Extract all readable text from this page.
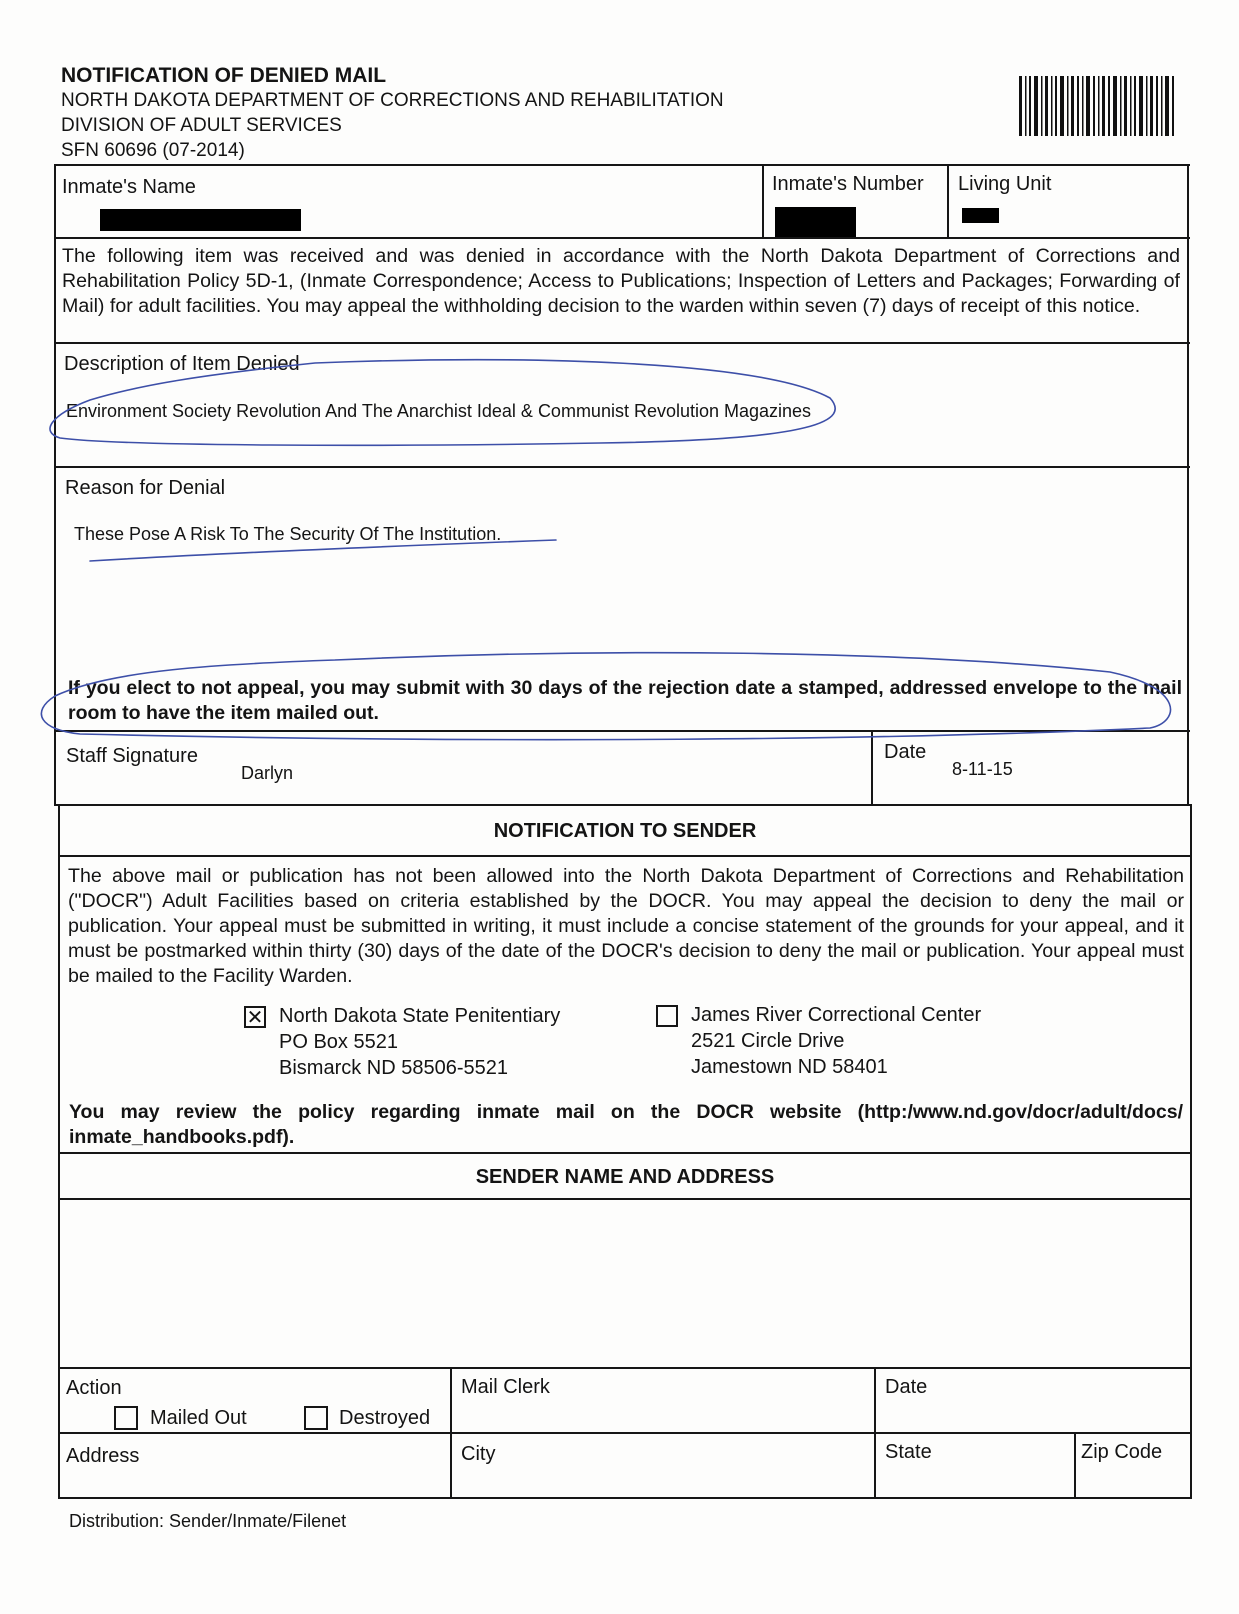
NOTIFICATION OF DENIED MAIL
NORTH DAKOTA DEPARTMENT OF CORRECTIONS AND REHABILITATION
DIVISION OF ADULT SERVICES
SFN 60696 (07-2014)
Inmate's Name	Inmate's Number Living Unit
The following item was received and was denied in accordance with the North Dakota Department of Corrections and Rehabilitation Policy 5D-1, (Inmate Correspondence; Access to Publications; Inspection of Letters and Packages; Forwarding of Mail) for adult facilities. You may appeal the withholding decision to the warden within seven (7) days of receipt of this notice.
Description of Item Denied
Environment Society Revolution And The Anarchist Ideal & Communist Revolution Magazines
Reason for Denial
These Pose A Risk To The Security Of The Institution.
If you elect to not appeal, you may submit with 30 days of the rejection date a stamped, addressed envelope to the mail room to have the item mailed out.
Staff Signature
Darlyn
Date
8-11-15
NOTIFICATION TO SENDER
The above mail or publication has not been allowed into the North Dakota Department of Corrections and Rehabilitation ("DOCR") Adult Facilities based on criteria established by the DOCR. You may appeal the decision to deny the mail or publication. Your appeal must be submitted in writing, it must include a concise statement of the grounds for your appeal, and it must be postmarked within thirty (30) days of the date of the DOCR's decision to deny the mail or publication. Your appeal must be mailed to the Facility Warden.
✕ North Dakota State Penitentiary
PO Box 5521
Bismarck ND 58506-5521
James River Correctional Center
2521 Circle Drive
Jamestown ND 58401
You may review the policy regarding inmate mail on the DOCR website (http:/www.nd.gov/docr/adult/docs/ inmate_handbooks.pdf).
SENDER NAME AND ADDRESS
Action
Mailed Out	Destroyed
Mail Clerk	Date
Address	City	State	Zip Code
Distribution: Sender/Inmate/Filenet
